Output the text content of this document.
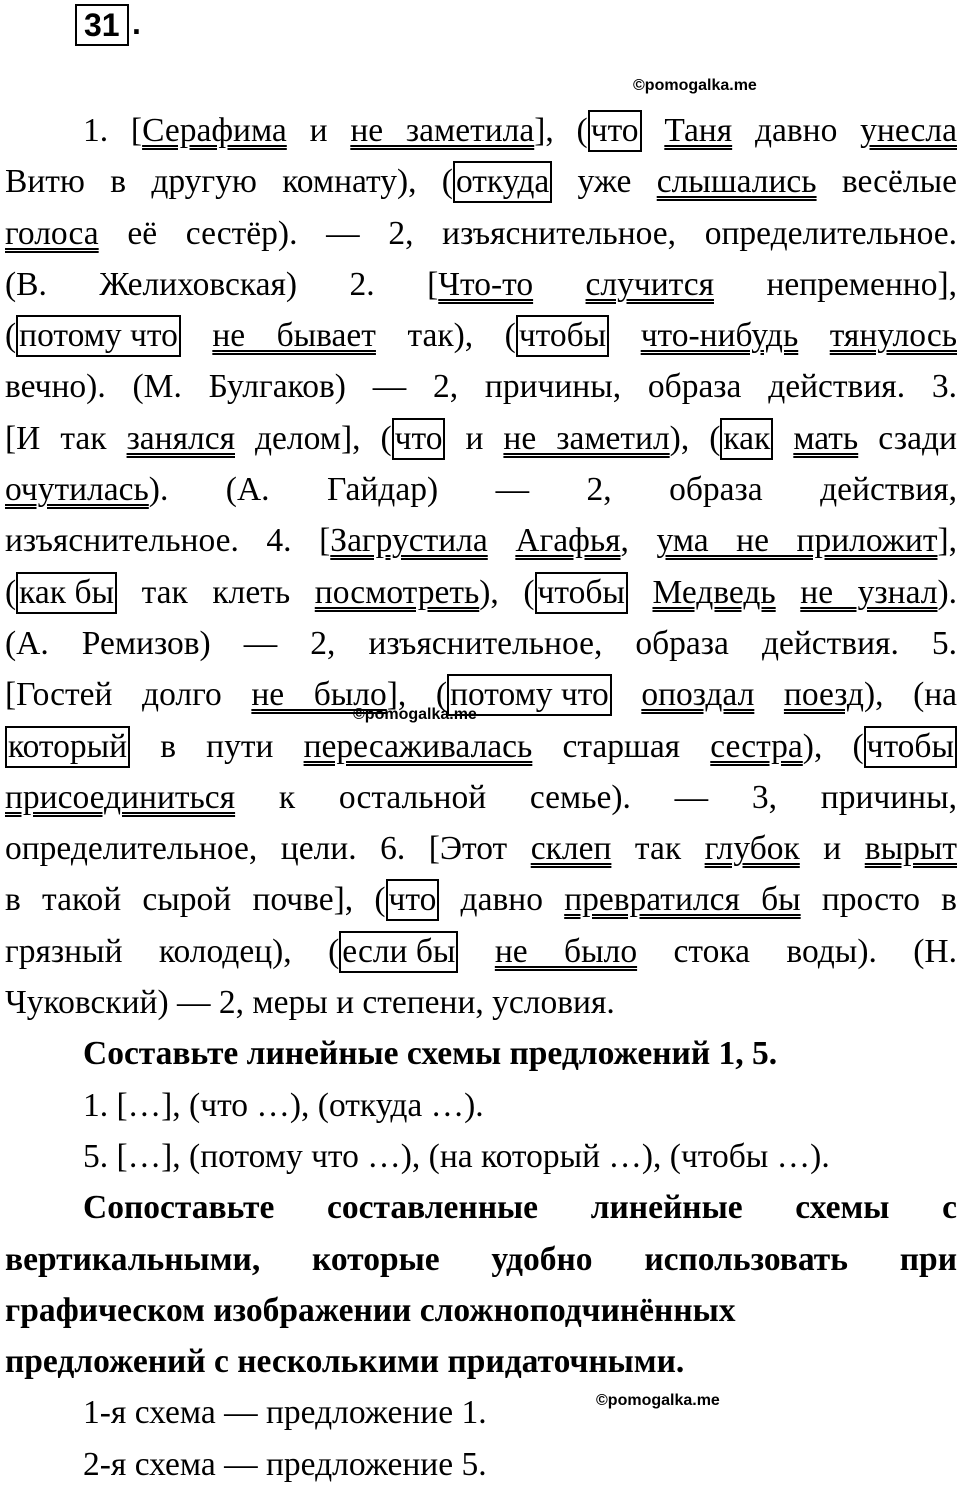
31 .
©pomogalka.me
©pomogalka.me
©pomogalka.me
1. [Серафима и не заметила], (что Таня давно унесла
Витю в другую комнату), (откуда уже слышались весёлые
голоса её сестёр). — 2, изъяснительное, определительное.
(В. Желиховская) 2. [Что-то случится непременно],
(потому что не бывает так), (чтобы что-нибудь тянулось
вечно). (М. Булгаков) — 2, причины, образа действия. 3.
[И так занялся делом], (что и не заметил), (как мать сзади
очутилась). (А. Гайдар) — 2, образа действия,
изъяснительное. 4. [Загрустила Агафья, ума не приложит],
(как бы так клеть посмотреть), (чтобы Медведь не узнал).
(А. Ремизов) — 2, изъяснительное, образа действия. 5.
[Гостей долго не было], (потому что опоздал поезд), (на
который в пути пересаживалась старшая сестра), (чтобы
присоединиться к остальной семье). — 3, причины,
определительное, цели. 6. [Этот склеп так глубок и вырыт
в такой сырой почве], (что давно превратился бы просто в
грязный колодец), (если бы не было стока воды). (Н.
Чуковский) — 2, меры и степени, условия.
Составьте линейные схемы предложений 1, 5.
1. […], (что …), (откуда …).
5. […], (потому что …), (на который …), (чтобы …).
Сопоставьте составленные линейные схемы с
вертикальными, которые удобно использовать при
графическом изображении сложноподчинённых
предложений с несколькими придаточными.
1-я схема — предложение 1.
2-я схема — предложение 5.
